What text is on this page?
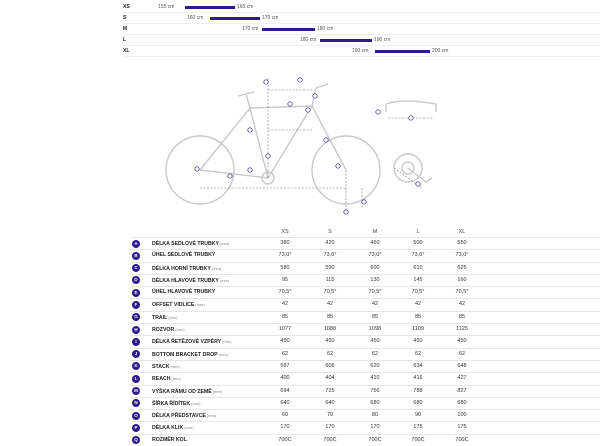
XS	155 cm	165 cm
S	160 cm	170 cm
M	170 cm	180 cm
L	180 cm	190 cm
XL	190 cm	200 cm
XS	S	M	L	XL
A	DÉLKA SEDLOVÉ TRUBKY(mm)	380	420	460	500	550
B	ÚHEL SEDLOVÉ TRUBKY	73,0°	73,0°	73,0°	73,0°	73,0°
C	DÉLKA HORNÍ TRUBKY(mm)	580	590	600	610	625
D	DÉLKA HLAVOVÉ TRUBKY(mm)	95	115	130	145	160
E	ÚHEL HLAVOVÉ TRUBKY	70,5°	70,5°	70,5°	70,5°	70,5°
F	OFFSET VIDLICE(mm)	42	42	42	42	42
G	TRAIL(mm)	85	85	85	85	85
H	ROZVOR(mm)	1077	1088	1098	1109	1125
I	DÉLKA ŘETĚZOVÉ VZPĚRY(mm)	450	450	450	450	450
J	BOTTOM BRACKET DROP(mm)	62	62	62	62	62
K	STACK(mm)	587	606	620	634	648
L	REACH(mm)	400	404	410	416	427
M	VÝŠKA RÁMU OD ZEMĚ(mm)	694	725	756	788	827
N	ŠÍŘKA ŘÍDÍTEK(mm)	640	640	680	680	680
O	DÉLKA PŘEDSTAVCE(mm)	60	70	80	90	100
P	DÉLKA KLIK(mm)	170	170	170	175	175
Q	ROZMĚR KOL	700C	700C	700C	700C	700C
